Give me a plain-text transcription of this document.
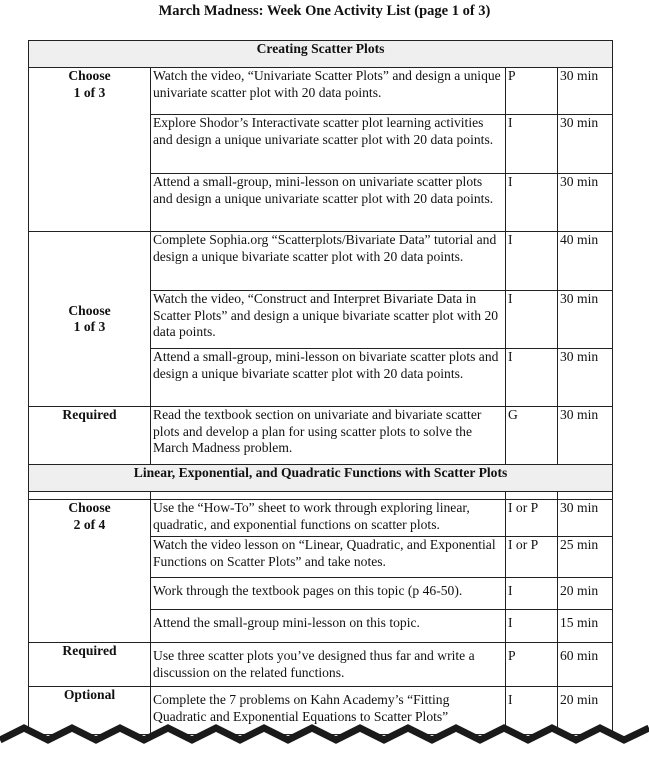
March Madness: Week One Activity List (page 1 of 3)
Creating Scatter Plots			
Choose
1 of 3	Watch the video, “Univariate Scatter Plots” and design a unique univariate scatter plot with 20 data points.	P	30 min
	Explore Shodor’s Interactivate scatter plot learning activities and design a unique univariate scatter plot with 20 data points.	I	30 min
	Attend a small-group, mini-lesson on univariate scatter plots and design a unique univariate scatter plot with 20 data points.	I	30 min
Choose
1 of 3	Complete Sophia.org “Scatterplots/Bivariate Data” tutorial and design a unique bivariate scatter plot with 20 data points.	I	40 min
	Watch the video, “Construct and Interpret Bivariate Data in Scatter Plots” and design a unique bivariate scatter plot with 20 data points.	I	30 min
	Attend a small-group, mini-lesson on bivariate scatter plots and design a unique bivariate scatter plot with 20 data points.	I	30 min
Required	Read the textbook section on univariate and bivariate scatter plots and develop a plan for using scatter plots to solve the March Madness problem.	G	30 min
Linear, Exponential, and Quadratic Functions with Scatter Plots			

Choose
2 of 4	Use the “How-To” sheet to work through exploring linear, quadratic, and exponential functions on scatter plots.	I or P	30 min
	Watch the video lesson on “Linear, Quadratic, and Exponential Functions on Scatter Plots” and take notes.	I or P	25 min
	Work through the textbook pages on this topic (p 46-50).	I	20 min
	Attend the small-group mini-lesson on this topic.	I	15 min
Required	Use three scatter plots you’ve designed thus far and write a discussion on the related functions.	P	60 min
Optional	Complete the 7 problems on Kahn Academy’s “Fitting Quadratic and Exponential Equations to Scatter Plots”	I	20 min
